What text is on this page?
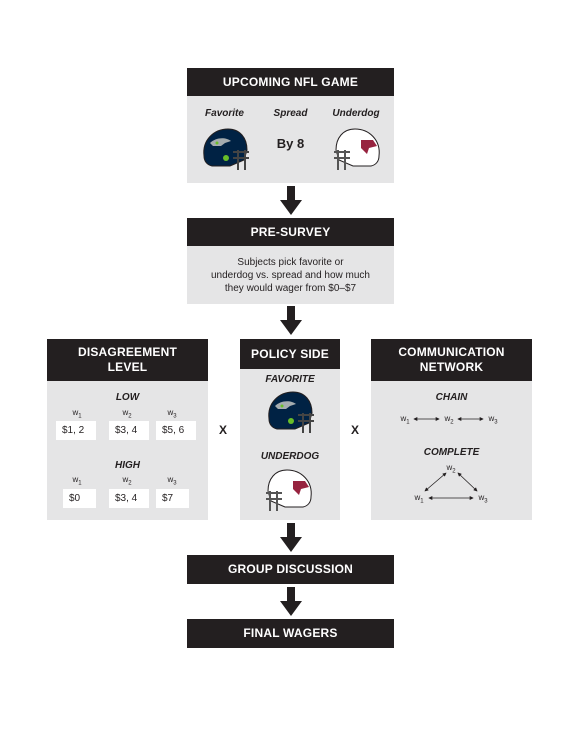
UPCOMING NFL GAME
Favorite	Spread	Underdog
By 8
PRE-SURVEY
Subjects pick favorite or
underdog vs. spread and how much
they would wager from $0–$7
DISAGREEMENT
LEVEL
LOW
$w_1$	$w_2$	$w_3$
$1, 2	$3, 4	$5, 6
HIGH
$w_1$	$w_2$	$w_3$
$0	$3, 4	$7
X
POLICY SIDE
FAVORITE
UNDERDOG
X
COMMUNICATION
NETWORK
CHAIN
$w_1$	$w_2$	$w_3$
COMPLETE
$w_2$
$w_1$	$w_3$
GROUP DISCUSSION
FINAL WAGERS
